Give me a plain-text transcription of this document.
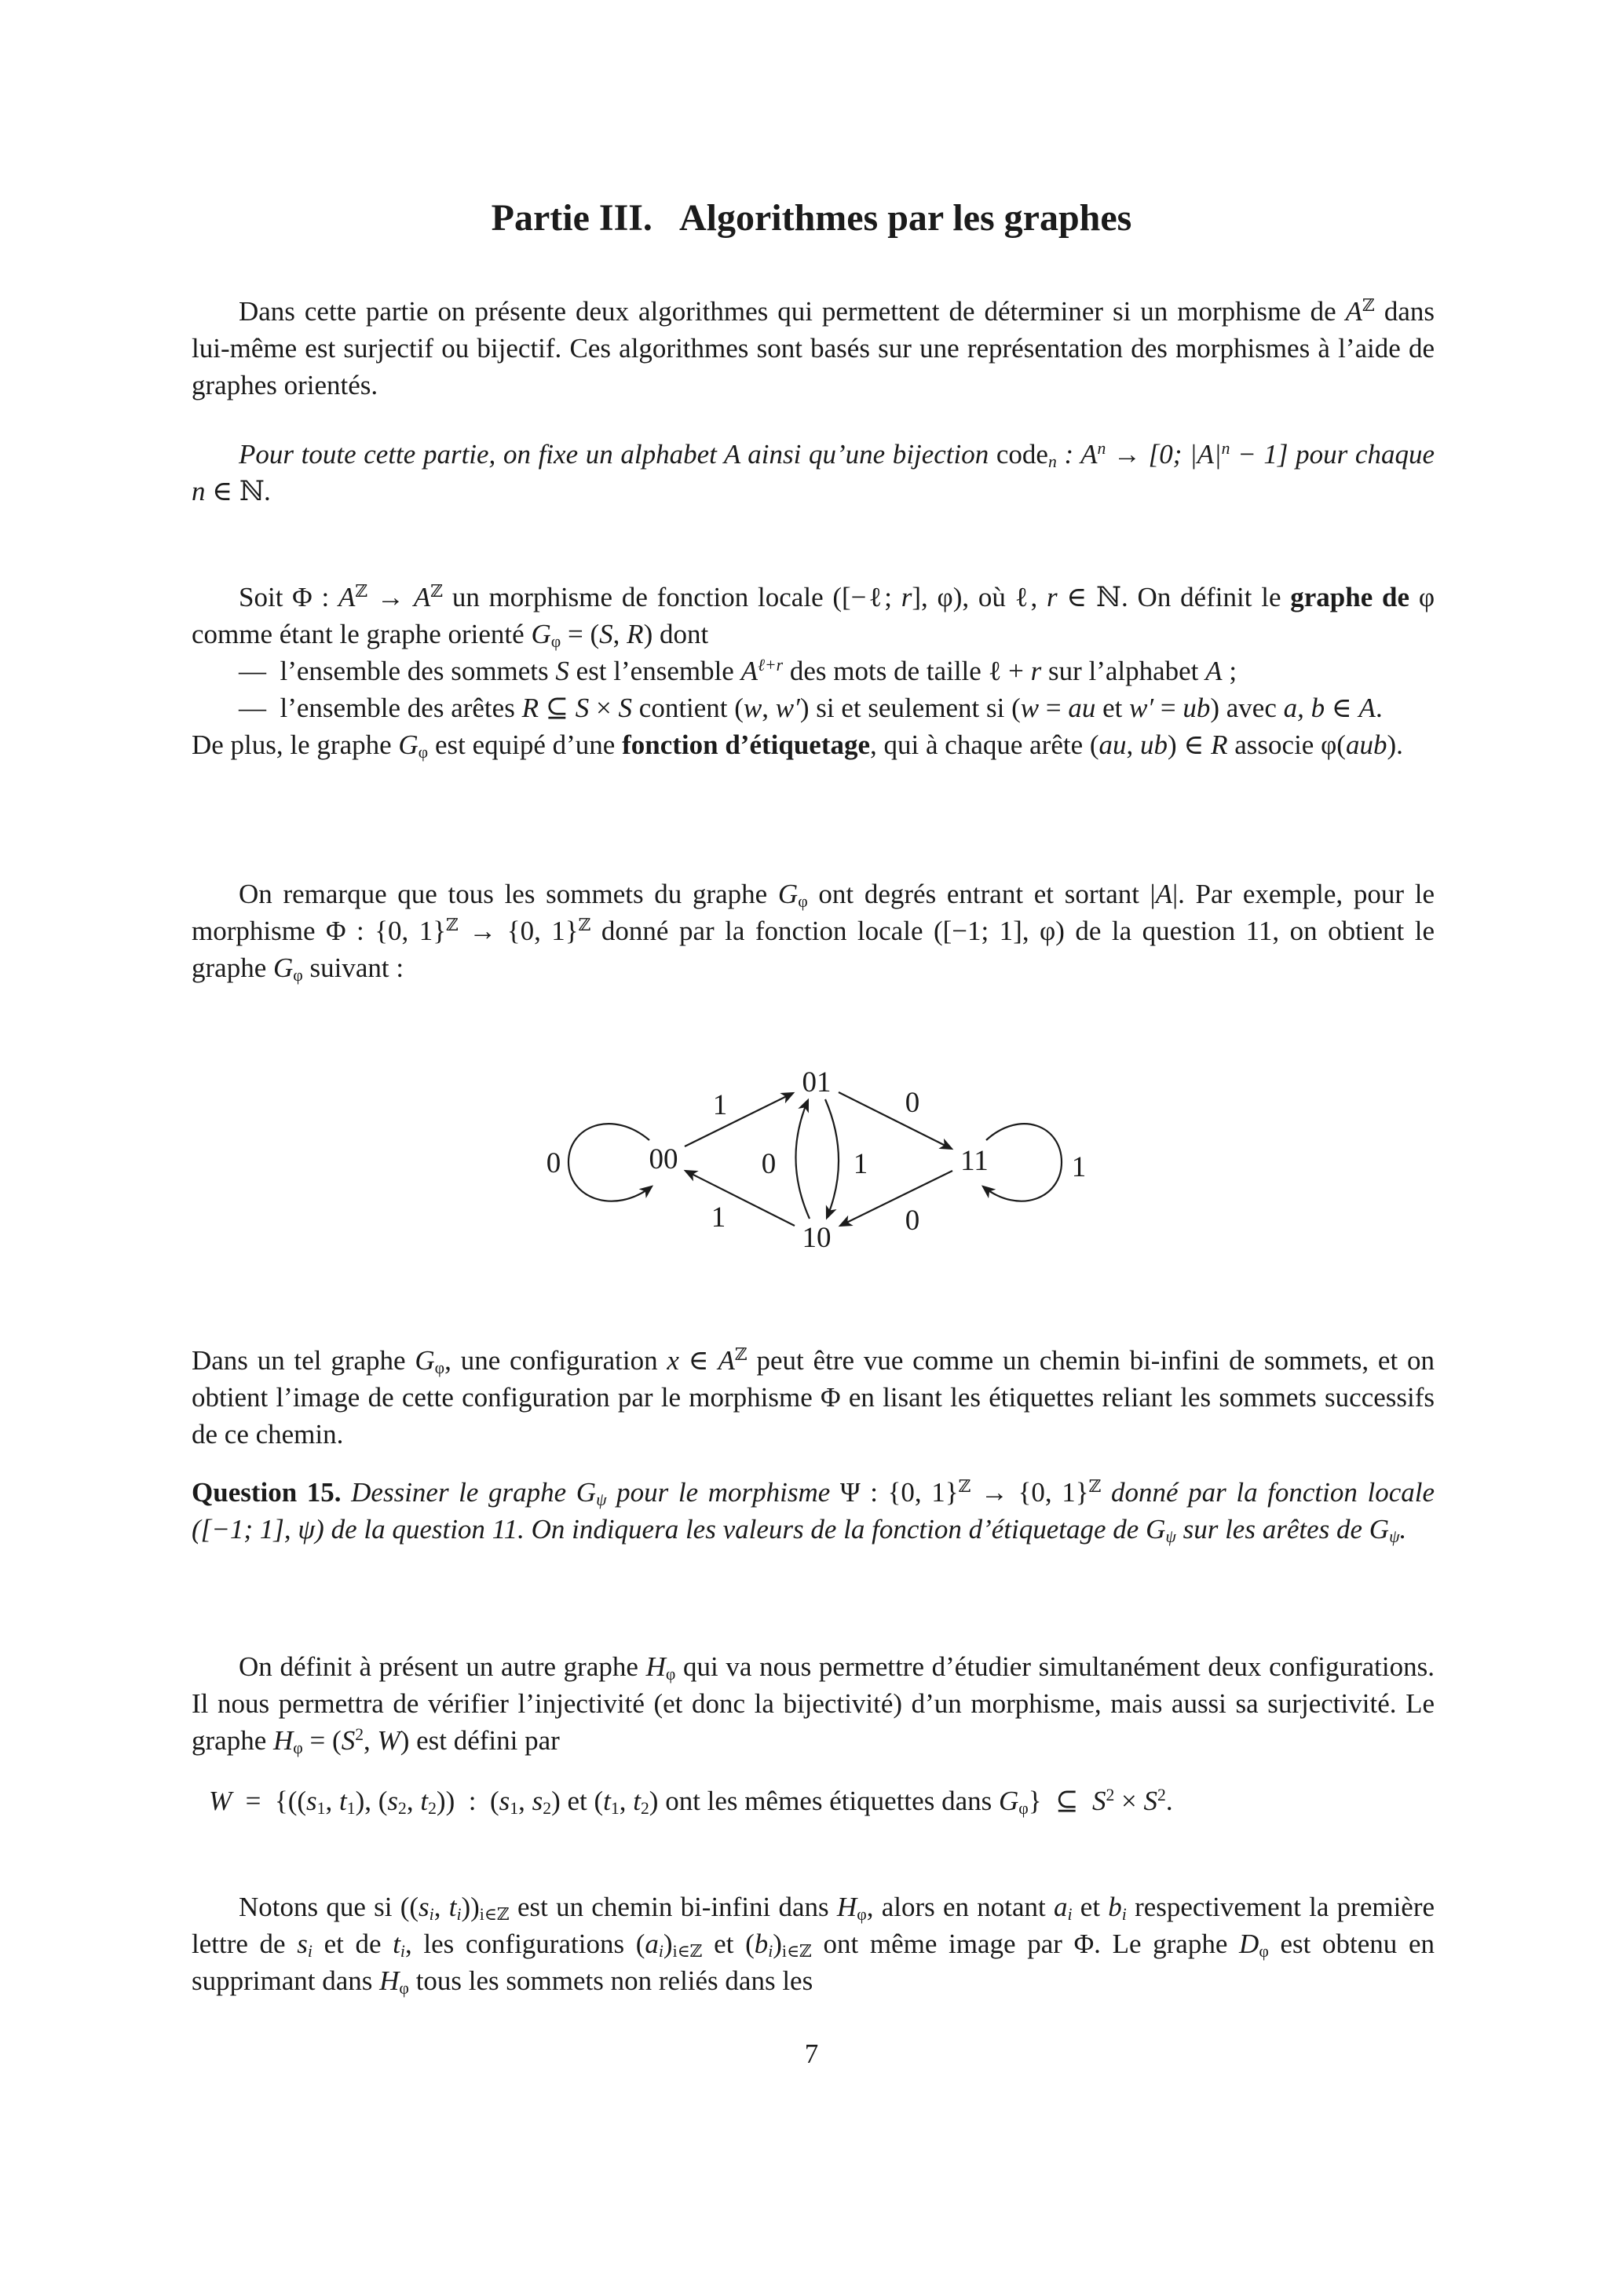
Partie III. Algorithmes par les graphes

Dans cette partie on présente deux algorithmes qui permettent de déterminer si un morphisme de $A^ℤ$ dans lui-même est surjectif ou bijectif. Ces algorithmes sont basés sur une représentation des morphismes à l’aide de graphes orientés.

Pour toute cette partie, on fixe un alphabet A ainsi qu’une bijection code$_n$ : $A^n \to [0$; $|A|^n - 1$] pour chaque n ∈ ℕ.

Soit Φ : $A^ℤ \to A^ℤ$ un morphisme de fonction locale ([−ℓ; r], φ), où ℓ, r ∈ ℕ. On définit le graphe de φ comme étant le graphe orienté $G_\varphi = (S$, R) dont

— l’ensemble des sommets S est l’ensemble $A^{\ell+r}$ des mots de taille ℓ + r sur l’alphabet A ;

— l’ensemble des arêtes R ⊆ S × S contient (w, w′) si et seulement si (w = au et w′ = ub) avec a, b ∈ A.

De plus, le graphe $G_\varphi$ est equipé d’une fonction d’étiquetage, qui à chaque arête (au, ub) ∈ R associe φ(aub).

On remarque que tous les sommets du graphe $G_\varphi$ ont degrés entrant et sortant |A|. Par exemple, pour le morphisme Φ : {0, 1}$^ℤ$ → {0, 1}$^ℤ$ donné par la fonction locale ([−1; 1], φ) de la question 11, on obtient le graphe $G_\varphi$ suivant :

00
01
11
10
0
1	0
1
0
1
0	1

Dans un tel graphe $G_\varphi$, une configuration x ∈ $A^ℤ$ peut être vue comme un chemin bi-infini de sommets, et on obtient l’image de cette configuration par le morphisme Φ en lisant les étiquettes reliant les sommets successifs de ce chemin.

Question 15. Dessiner le graphe $G_\psi$ pour le morphisme Ψ : {0, 1}$^ℤ$ → {0, 1}$^ℤ$ donné par la fonction locale ([−1; 1], ψ) de la question 11. On indiquera les valeurs de la fonction d’étiquetage de $G_\psi$ sur les arêtes de $G_\psi$.

On définit à présent un autre graphe $H_\varphi$ qui va nous permettre d’étudier simultanément deux configurations. Il nous permettra de vérifier l’injectivité (et donc la bijectivité) d’un morphisme, mais aussi sa surjectivité. Le graphe $H_\varphi = (S^2$, W) est défini par

W = {(($s_1$, $t_1$), ($s_2$, $t_2$)) : ($s_1$, $s_2$) et ($t_1$, $t_2$) ont les mêmes étiquettes dans $G_\varphi$} ⊆ $S^2 \times S^2$.

Notons que si (($s_i$, $t_i))_{i\in ℤ}$ est un chemin bi-infini dans $H_\varphi$, alors en notant $a_i$ et $b_i$ respectivement la première lettre de $s_i$ et de $t_i$, les configurations $(a_i)_{i\in ℤ}$ et $(b_i)_{i\in ℤ}$ ont même image par Φ. Le graphe $D_\varphi$ est obtenu en supprimant dans $H_\varphi$ tous les sommets non reliés dans les

7
